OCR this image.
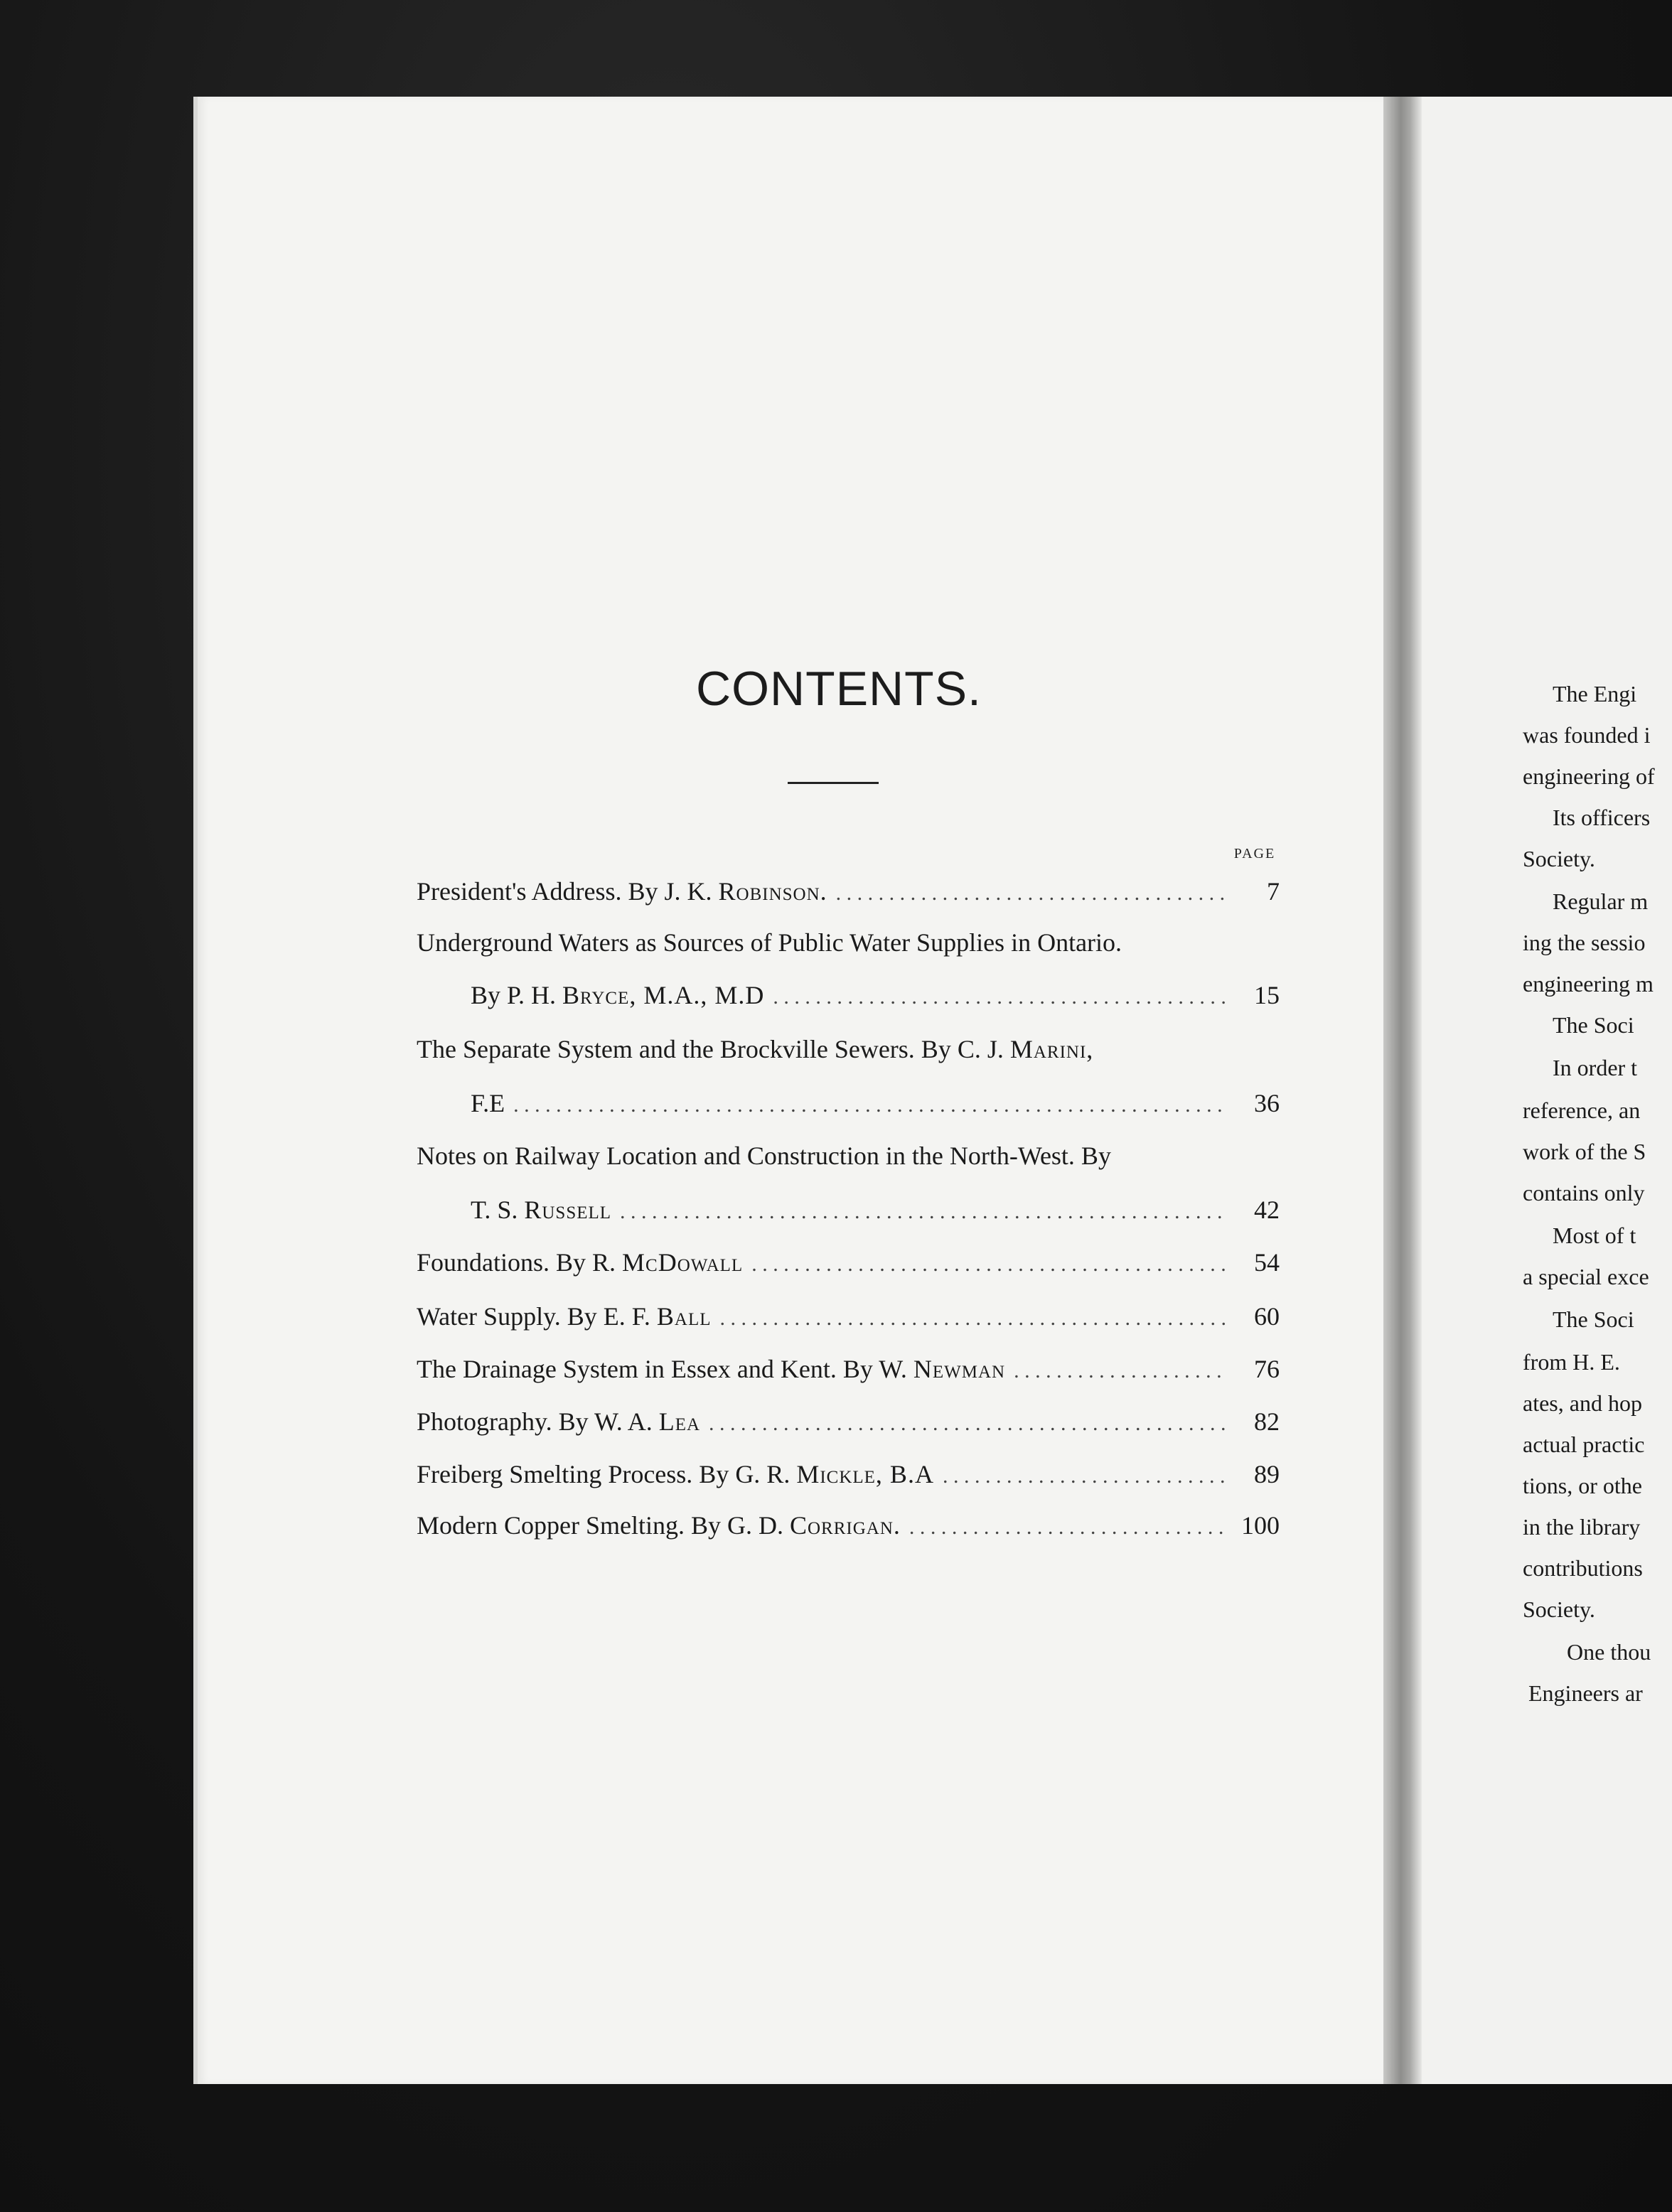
CONTENTS.
PAGE
President's Address. By J. K. Robinson. . . .	7
Underground Waters as Sources of Public Water Supplies in Ontario.
By P. H. Bryce, M.A., M.D . . .	15
The Separate System and the Brockville Sewers. By C. J. Marini,
F.E . . .	36
Notes on Railway Location and Construction in the North-West. By
T. S. Russell . . .	42
Foundations. By R. McDowall . . .	54
Water Supply. By E. F. Ball . . .	60
The Drainage System in Essex and Kent. By W. Newman . . .	76
Photography. By W. A. Lea . . .	82
Freiberg Smelting Process. By G. R. Mickle, B.A . . .	89
Modern Copper Smelting. By G. D. Corrigan. . . .	100
The Engi
was founded i
engineering of
Its officers
Society.
Regular m
ing the sessio
engineering m
The Soci
In order t
reference, an
work of the S
contains only
Most of t
a special exce
The Soci
from H. E.
ates, and hop
actual practic
tions, or othe
in the library
contributions
Society.
One thou
Engineers ar
